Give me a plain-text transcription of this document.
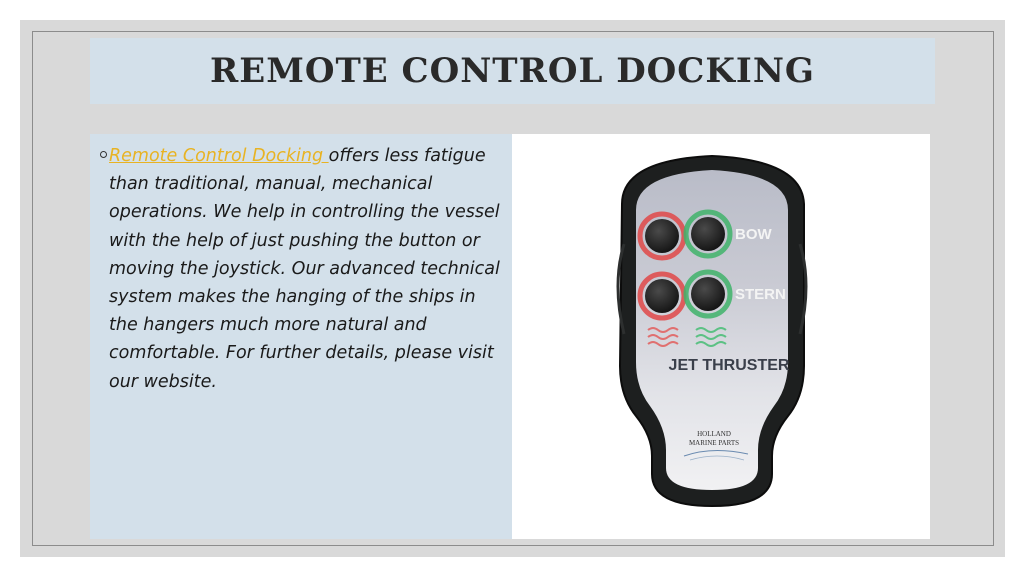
REMOTE CONTROL DOCKING

Remote Control Docking offers less fatigue than traditional, manual, mechanical operations. We help in controlling the vessel with the help of just pushing the button or moving the joystick. Our advanced technical system makes the hanging of the ships in the hangers much more natural and comfortable. For further details, please visit our website.

BOW
STERN
JET THRUSTER
HOLLAND
MARINE PARTS
